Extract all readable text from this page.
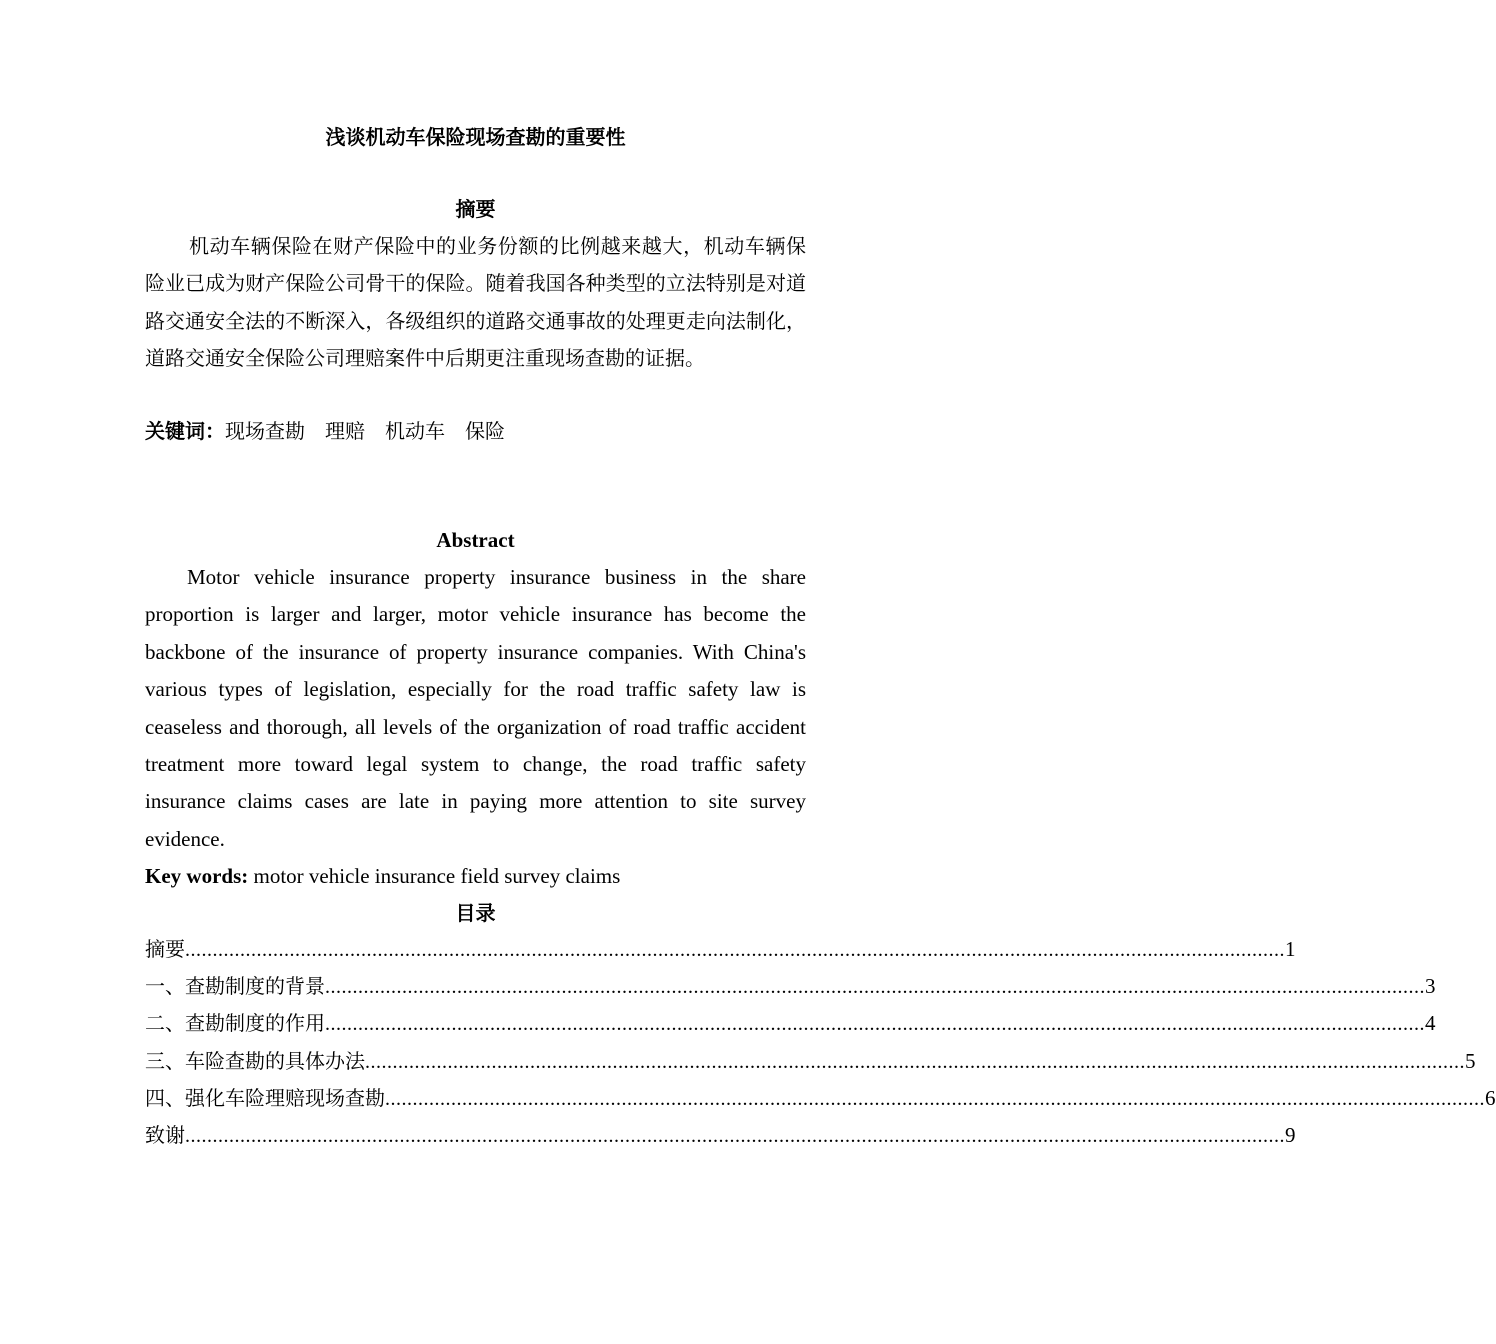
浅谈机动车保险现场查勘的重要性
摘要

机动车辆保险在财产保险中的业务份额的比例越来越大，机动车辆保险业已成为财产保险公司骨干的保险。随着我国各种类型的立法特别是对道路交通安全法的不断深入，各级组织的道路交通事故的处理更走向法制化，道路交通安全保险公司理赔案件中后期更注重现场查勘的证据。

关键词：现场查勘 理赔 机动车 保险

Abstract

Motor vehicle insurance property insurance business in the share proportion is larger and larger, motor vehicle insurance has become the backbone of the insurance of property insurance companies. With China's various types of legislation, especially for the road traffic safety law is ceaseless and thorough, all levels of the organization of road traffic accident treatment more toward legal system to change, the road traffic safety insurance claims cases are late in paying more attention to site survey evidence.

Key words: motor vehicle insurance field survey claims

目录
摘要 ........................................................................................................................................................................................................ 1
一、查勘制度的背景 ........................................................................................................................................................................................................ 3
二、查勘制度的作用 ........................................................................................................................................................................................................ 4
三、车险查勘的具体办法 ........................................................................................................................................................................................................ 5
四、强化车险理赔现场查勘 ........................................................................................................................................................................................................ 6
致谢 ........................................................................................................................................................................................................ 9
